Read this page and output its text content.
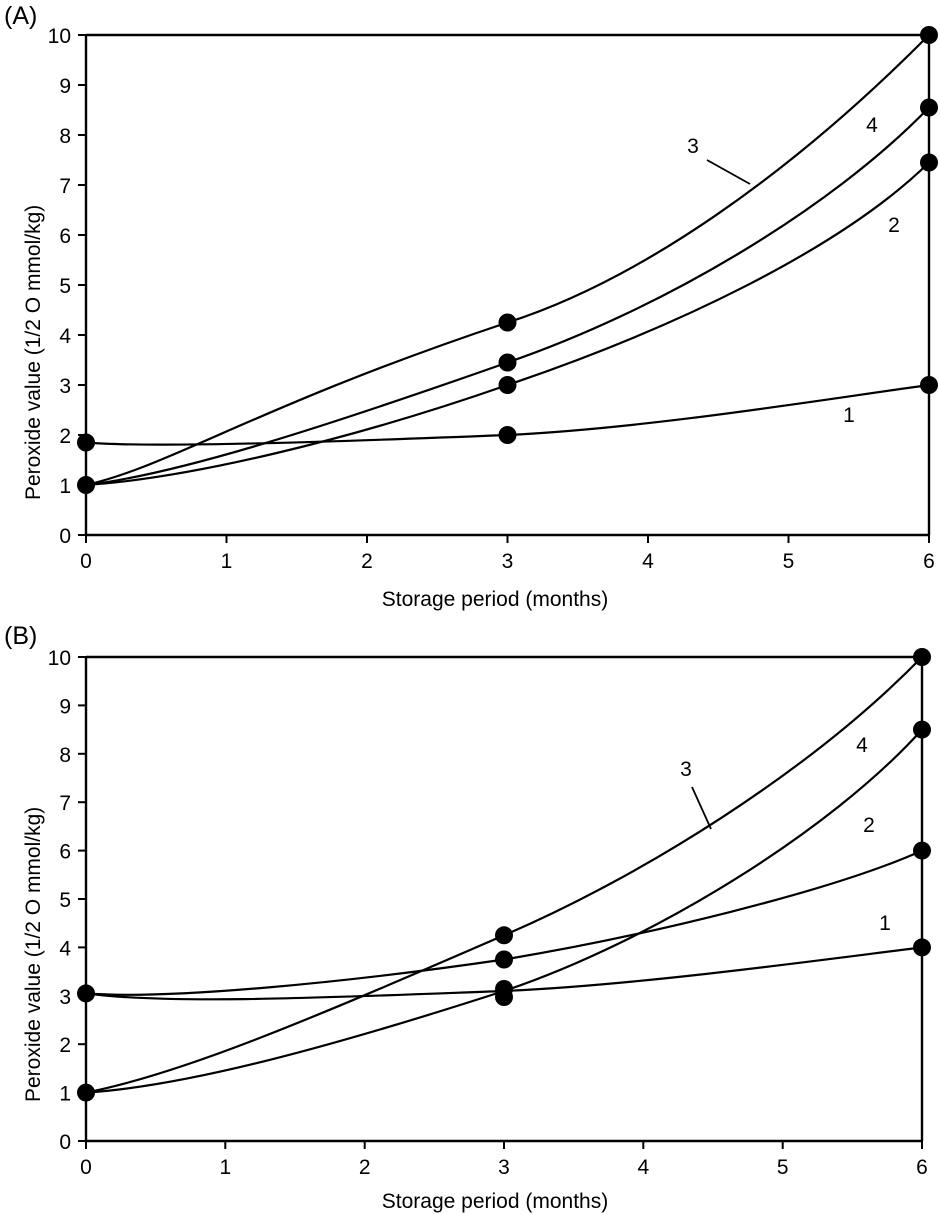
(A)
Peroxide value (1/2 O mmol/kg)
10
9
8
7
6
5
4
3
2
1
0
0	1	2	3	4	5	6
3
4
2
1
Storage period (months)
(B)
Peroxide value (1/2 O mmol/kg)
10
9
8
7
6
5
4
3
2
1
0
0	1	2	3	4	5	6
3
4
2
1
Storage period (months)
